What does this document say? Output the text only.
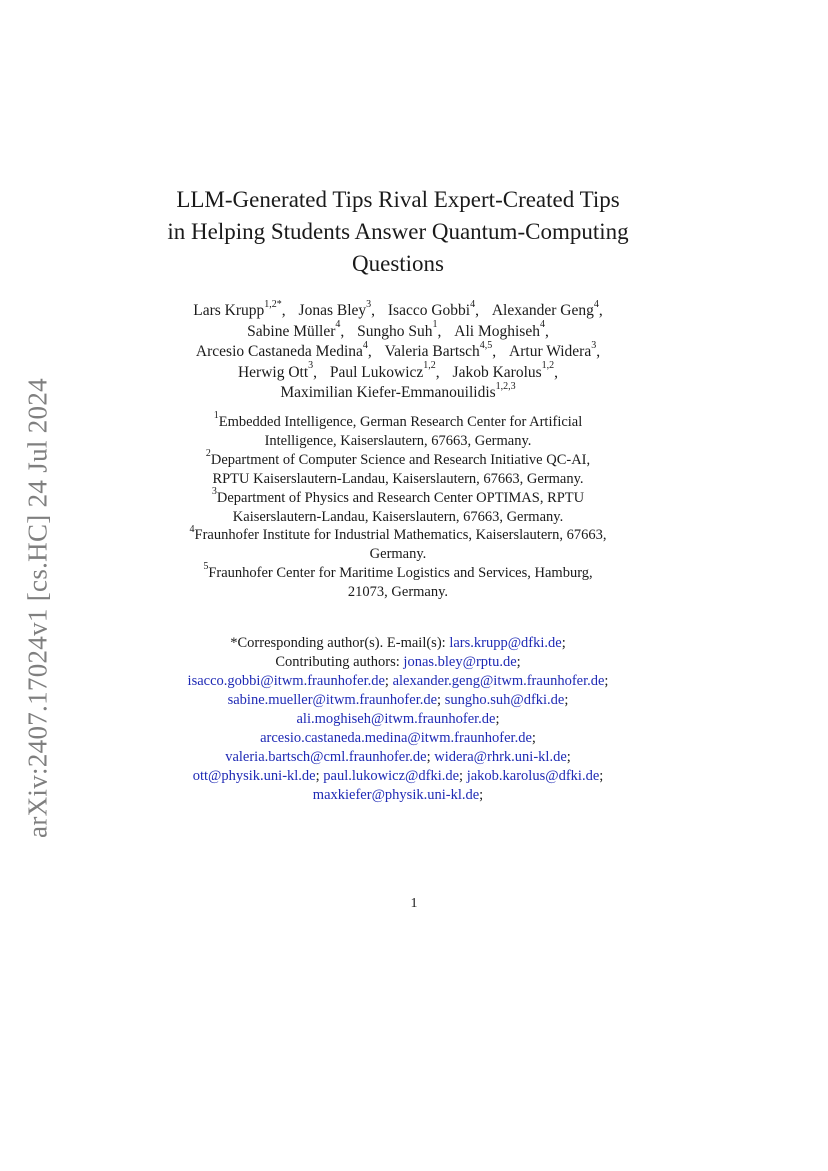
arXiv:2407.17024v1 [cs.HC] 24 Jul 2024
LLM-Generated Tips Rival Expert-Created Tips
in Helping Students Answer Quantum-Computing
Questions
Lars Krupp$^{1,2*}$, Jonas Bley$^3$, Isacco Gobbi$^4$, Alexander Geng$^4$,
Sabine Müller$^4$, Sungho Suh$^1$, Ali Moghiseh$^4$,
Arcesio Castaneda Medina$^4$, Valeria Bartsch$^{4,5}$, Artur Widera$^3$,
Herwig Ott$^3$, Paul Lukowicz$^{1,2}$, Jakob Karolus$^{1,2}$,
Maximilian Kiefer-Emmanouilidis$^{1,2,3}$
$^1$Embedded Intelligence, German Research Center for Artificial
Intelligence, Kaiserslautern, 67663, Germany.
$^2$Department of Computer Science and Research Initiative QC-AI,
RPTU Kaiserslautern-Landau, Kaiserslautern, 67663, Germany.
$^3$Department of Physics and Research Center OPTIMAS, RPTU
Kaiserslautern-Landau, Kaiserslautern, 67663, Germany.
$^4$Fraunhofer Institute for Industrial Mathematics, Kaiserslautern, 67663,
Germany.
$^5$Fraunhofer Center for Maritime Logistics and Services, Hamburg,
21073, Germany.
*Corresponding author(s). E-mail(s): lars.krupp@dfki.de;
Contributing authors: jonas.bley@rptu.de;
isacco.gobbi@itwm.fraunhofer.de; alexander.geng@itwm.fraunhofer.de;
sabine.mueller@itwm.fraunhofer.de; sungho.suh@dfki.de;
ali.moghiseh@itwm.fraunhofer.de;
arcesio.castaneda.medina@itwm.fraunhofer.de;
valeria.bartsch@cml.fraunhofer.de; widera@rhrk.uni-kl.de;
ott@physik.uni-kl.de; paul.lukowicz@dfki.de; jakob.karolus@dfki.de;
maxkiefer@physik.uni-kl.de;
1
